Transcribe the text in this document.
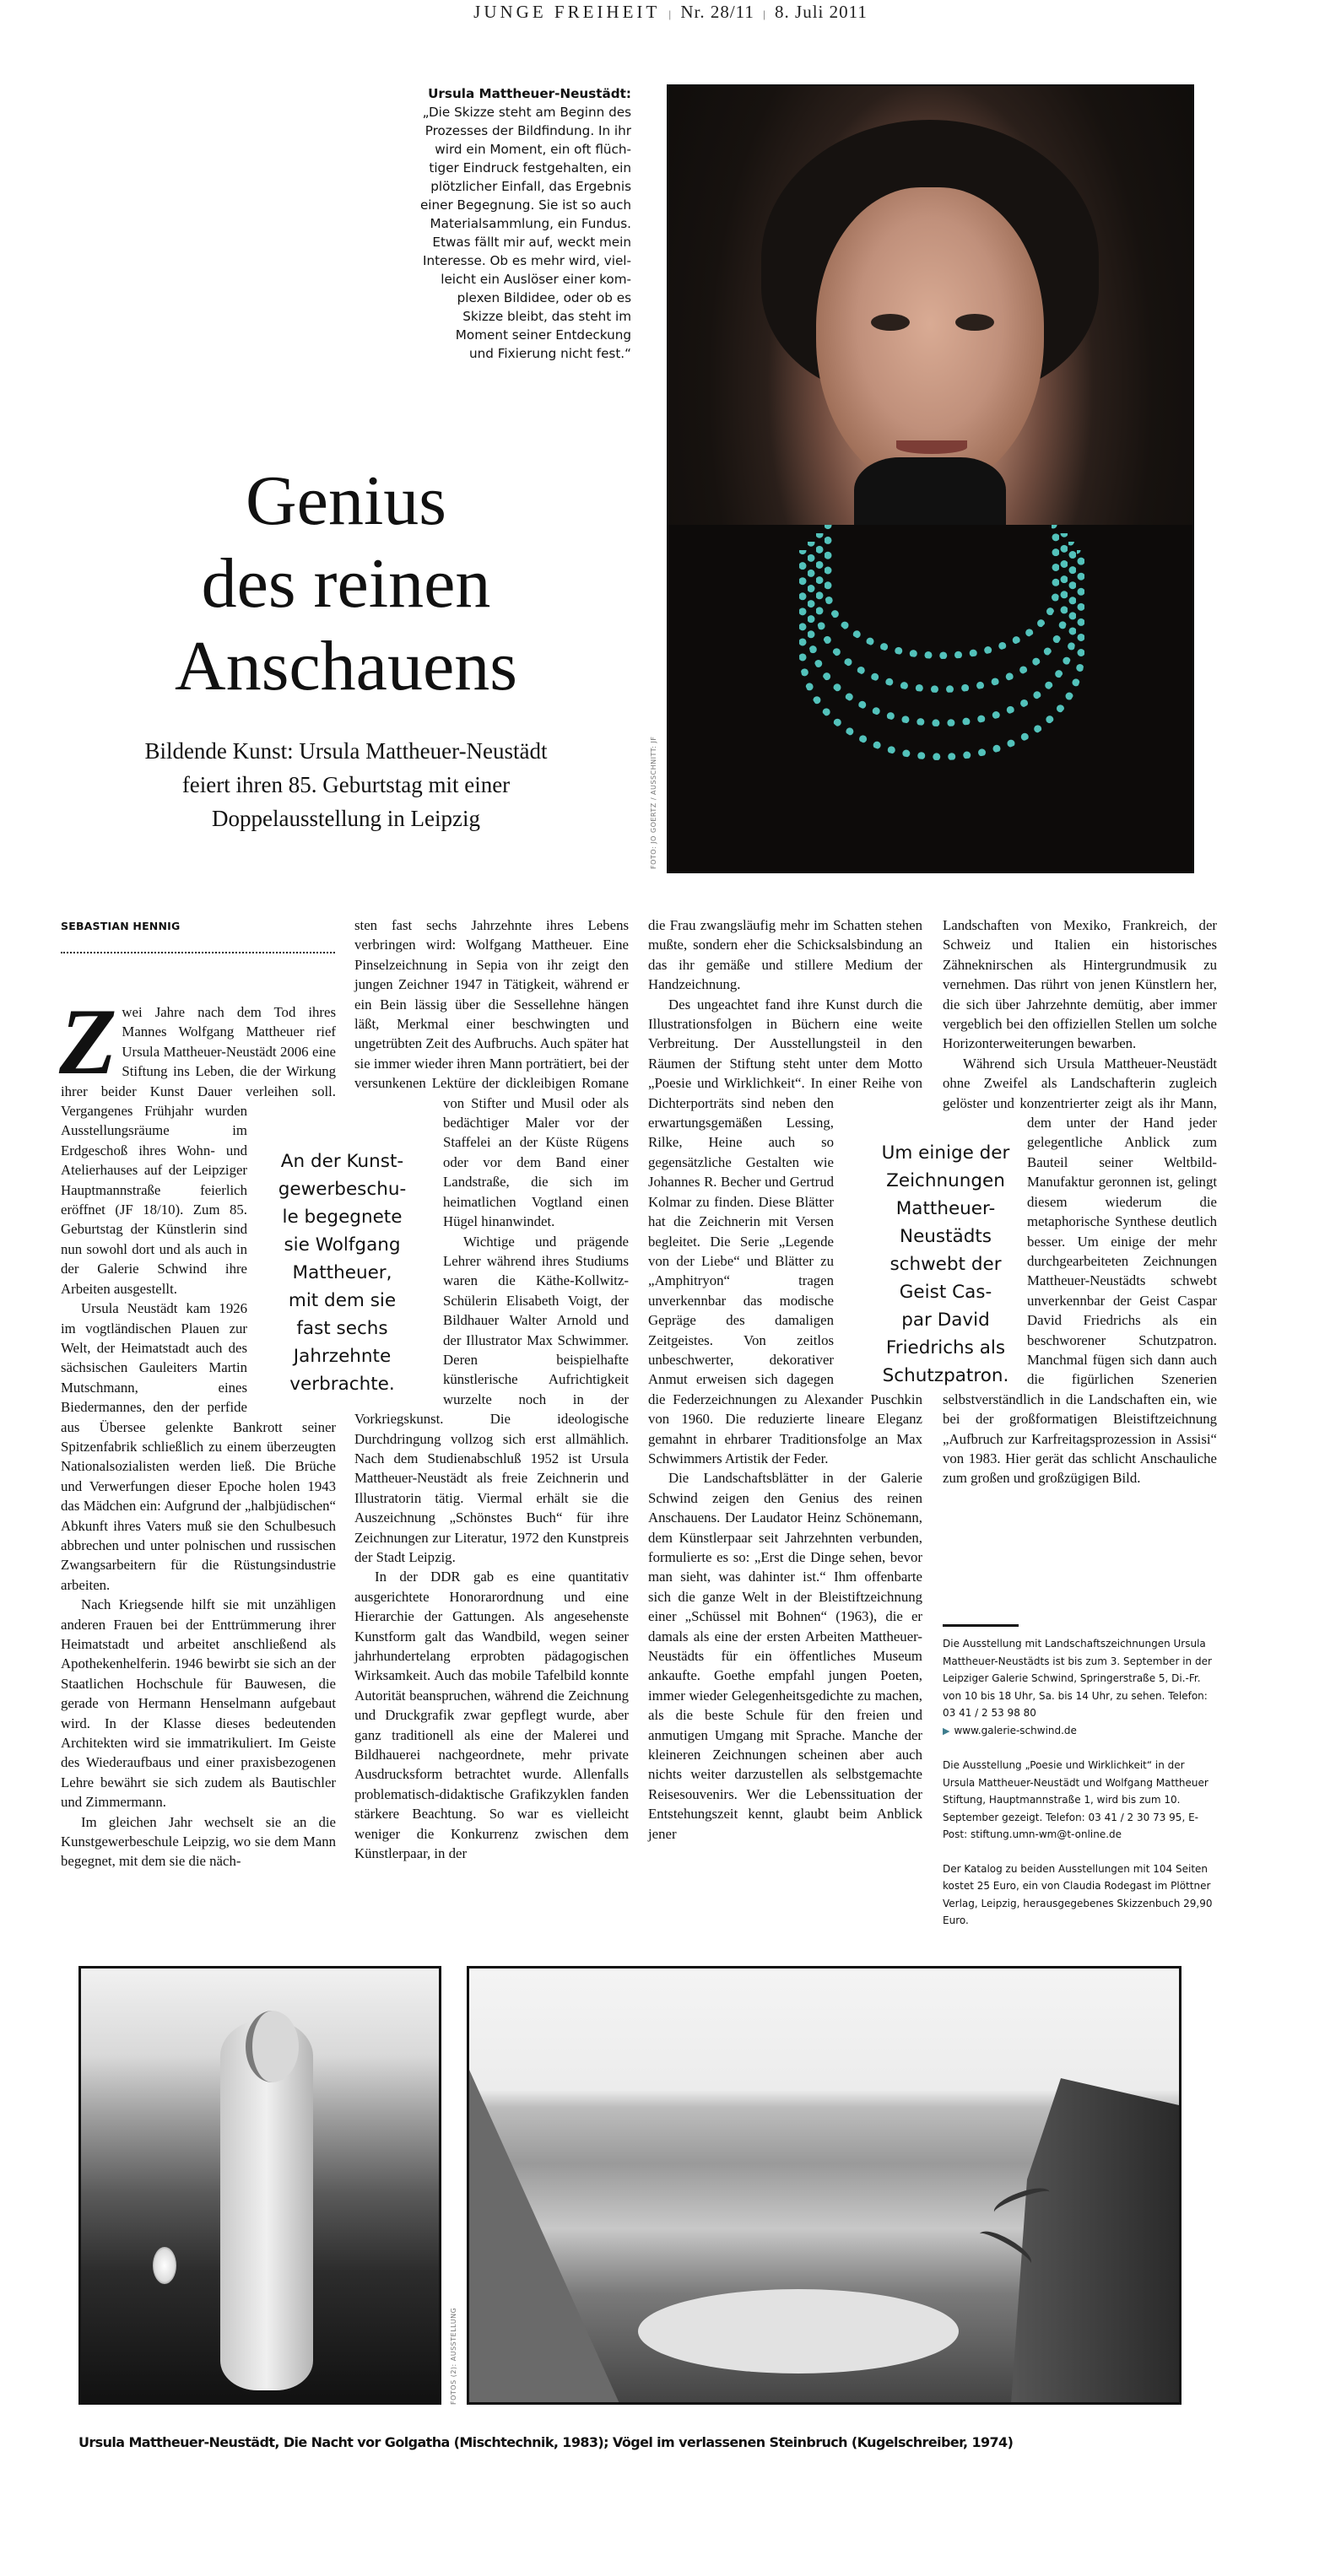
JUNGE FREIHEIT | Nr. 28/11 | 8. Juli 2011
Ursula Mattheuer-Neustädt:
„Die Skizze steht am Beginn des
Prozesses der Bildfindung. In ihr
wird ein Moment, ein oft flüch-
tiger Eindruck festgehalten, ein
plötzlicher Einfall, das Ergebnis
einer Begegnung. Sie ist so auch
Materialsammlung, ein Fundus.
Etwas fällt mir auf, weckt mein
Interesse. Ob es mehr wird, viel-
leicht ein Auslöser einer kom-
plexen Bildidee, oder ob es
Skizze bleibt, das steht im
Moment seiner Entdeckung
und Fixierung nicht fest.“
FOTO: JO GOERTZ / AUSSCHNITT: JF
Genius
des reinen
Anschauens
Bildende Kunst: Ursula Mattheuer-Neustädt
feiert ihren 85. Geburtstag mit einer
Doppelausstellung in Leipzig
SEBASTIAN HENNIG
Z wei Jahre nach dem Tod ihres Mannes Wolfgang Mattheuer rief Ursula Mattheuer-Neustädt 2006 eine Stiftung ins Leben, die der Wirkung ihrer beider Kunst Dauer verleihen soll. Vergangenes Frühjahr wurden Ausstellungsräume im Erdgeschoß ihres Wohn- und Atelierhauses auf der Leipziger Hauptmannstraße feierlich eröffnet (JF 18/10). Zum 85. Geburtstag der Künstlerin sind nun sowohl dort und als auch in der Galerie Schwind ihre Arbeiten ausgestellt.

Ursula Neustädt kam 1926 im vogtländischen Plauen zur Welt, der Heimatstadt auch des sächsischen Gauleiters Martin Mutschmann, eines Biedermannes, den der perfide aus Übersee gelenkte Bankrott seiner Spitzenfabrik schließlich zu einem überzeugten Nationalsozialisten werden ließ. Die Brüche und Verwerfungen dieser Epoche holen 1943 das Mädchen ein: Aufgrund der „halbjüdischen“ Abkunft ihres Vaters muß sie den Schulbesuch abbrechen und unter polnischen und russischen Zwangsarbeitern für die Rüstungsindustrie arbeiten.

Nach Kriegsende hilft sie mit unzähligen anderen Frauen bei der Enttrümmerung ihrer Heimatstadt und arbeitet anschließend als Apothekenhelferin. 1946 bewirbt sie sich an der Staatlichen Hochschule für Bauwesen, die gerade von Hermann Henselmann aufgebaut wird. In der Klasse dieses bedeutenden Architekten wird sie immatrikuliert. Im Geiste des Wiederaufbaus und einer praxisbezogenen Lehre bewährt sie sich zudem als Bautischler und Zimmermann.

Im gleichen Jahr wechselt sie an die Kunstgewerbeschule Leipzig, wo sie dem Mann begegnet, mit dem sie die näch-

sten fast sechs Jahrzehnte ihres Lebens verbringen wird: Wolfgang Mattheuer. Eine Pinselzeichnung in Sepia von ihr zeigt den jungen Zeichner 1947 in Tätigkeit, während er ein Bein lässig über die Sessellehne hängen läßt, Merkmal einer beschwingten und ungetrübten Zeit des Aufbruchs. Auch später hat sie immer wieder ihren Mann porträtiert, bei der versunkenen Lektüre der dickleibigen Romane von Stifter und Musil oder als bedächtiger Maler vor der Staffelei an der Küste Rügens oder vor dem Band einer Landstraße, die sich im heimatlichen Vogtland einen Hügel hinanwindet.

Wichtige und prägende Lehrer während ihres Studiums waren die Käthe-Kollwitz-Schülerin Elisabeth Voigt, der Bildhauer Walter Arnold und der Illustrator Max Schwimmer. Deren beispielhafte künstlerische Aufrichtigkeit wurzelte noch in der Vorkriegskunst. Die ideologische Durchdringung vollzog sich erst allmählich. Nach dem Studienabschluß 1952 ist Ursula Mattheuer-Neustädt als freie Zeichnerin und Illustratorin tätig. Viermal erhält sie die Auszeichnung „Schönstes Buch“ für ihre Zeichnungen zur Literatur, 1972 den Kunstpreis der Stadt Leipzig.

In der DDR gab es eine quantitativ ausgerichtete Honorarordnung und eine Hierarchie der Gattungen. Als angesehenste Kunstform galt das Wandbild, wegen seiner jahrhundertelang erprobten pädagogischen Wirksamkeit. Auch das mobile Tafelbild konnte Autorität beanspruchen, während die Zeichnung und Druckgrafik zwar gepflegt wurde, aber ganz traditionell als eine der Malerei und Bildhauerei nachgeordnete, mehr private Ausdrucksform betrachtet wurde. Allenfalls problematisch-didaktische Grafikzyklen fanden stärkere Beachtung. So war es vielleicht weniger die Konkurrenz zwischen dem Künstlerpaar, in der

die Frau zwangsläufig mehr im Schatten stehen mußte, sondern eher die Schicksalsbindung an das ihr gemäße und stillere Medium der Handzeichnung.

Des ungeachtet fand ihre Kunst durch die Illustrationsfolgen in Büchern eine weite Verbreitung. Der Ausstellungsteil in den Räumen der Stiftung steht unter dem Motto „Poesie und Wirklichkeit“. In einer Reihe von Dichterporträts sind neben den erwartungsgemäßen Lessing, Rilke, Heine auch so gegensätzliche Gestalten wie Johannes R. Becher und Gertrud Kolmar zu finden. Diese Blätter hat die Zeichnerin mit Versen begleitet. Die Serie „Legende von der Liebe“ und Blätter zu „Amphitryon“ tragen unverkennbar das modische Gepräge des damaligen Zeitgeistes. Von zeitlos unbeschwerter, dekorativer Anmut erweisen sich dagegen die Federzeichnungen zu Alexander Puschkin von 1960. Die reduzierte lineare Eleganz gemahnt in ehrbarer Traditionsfolge an Max Schwimmers Artistik der Feder.

Die Landschaftsblätter in der Galerie Schwind zeigen den Genius des reinen Anschauens. Der Laudator Heinz Schönemann, dem Künstlerpaar seit Jahrzehnten verbunden, formulierte es so: „Erst die Dinge sehen, bevor man sieht, was dahinter ist.“ Ihm offenbarte sich die ganze Welt in der Bleistiftzeichnung einer „Schüssel mit Bohnen“ (1963), die er damals als eine der ersten Arbeiten Mattheuer-Neustädts für ein öffentliches Museum ankaufte. Goethe empfahl jungen Poeten, immer wieder Gelegenheitsgedichte zu machen, als die beste Schule für den freien und anmutigen Umgang mit Sprache. Manche der kleineren Zeichnungen scheinen aber auch nichts weiter darzustellen als selbstgemachte Reisesouvenirs. Wer die Lebenssituation der Entstehungszeit kennt, glaubt beim Anblick jener

Landschaften von Mexiko, Frankreich, der Schweiz und Italien ein historisches Zähneknirschen als Hintergrundmusik zu vernehmen. Das rührt von jenen Künstlern her, die sich über Jahrzehnte demütig, aber immer vergeblich bei den offiziellen Stellen um solche Horizonterweiterungen bewarben.

Während sich Ursula Mattheuer-Neustädt ohne Zweifel als Landschafterin zugleich gelöster und konzentrierter zeigt als ihr Mann, dem unter der Hand jeder gelegentliche Anblick zum Bauteil seiner Weltbild-Manufaktur geronnen ist, gelingt diesem wiederum die metaphorische Synthese deutlich besser. Um einige der mehr durchgearbeiteten Zeichnungen Mattheuer-Neustädts schwebt unverkennbar der Geist Caspar David Friedrichs als ein beschworener Schutzpatron. Manchmal fügen sich dann auch die figürlichen Szenerien selbstverständlich in die Landschaften ein, wie bei der großformatigen Bleistiftzeichnung „Aufbruch zur Karfreitagsprozession in Assisi“ von 1983. Hier gerät das schlicht Anschauliche zum großen und großzügigen Bild.

An der Kunst-
gewerbeschu-
le begegnete
sie Wolfgang
Mattheuer,
mit dem sie
fast sechs
Jahrzehnte
verbrachte.
Um einige der
Zeichnungen
Mattheuer-
Neustädts
schwebt der
Geist Cas-
par David
Friedrichs als
Schutzpatron.

Die Ausstellung mit Landschaftszeichnungen Ursula Mattheuer-Neustädts ist bis zum 3. September in der Leipziger Galerie Schwind, Springerstraße 5, Di.-Fr. von 10 bis 18 Uhr, Sa. bis 14 Uhr, zu sehen. Telefon: 03 41 / 2 53 98 80
▶ www.galerie-schwind.de

Die Ausstellung „Poesie und Wirklichkeit“ in der Ursula Mattheuer-Neustädt und Wolfgang Mattheuer Stiftung, Hauptmannstraße 1, wird bis zum 10. September gezeigt. Telefon: 03 41 / 2 30 73 95, E-Post: stiftung.umn-wm@t-online.de

Der Katalog zu beiden Ausstellungen mit 104 Seiten kostet 25 Euro, ein von Claudia Rodegast im Plöttner Verlag, Leipzig, herausgegebenes Skizzenbuch 29,90 Euro.

FOTOS (2): AUSSTELLUNG
Ursula Mattheuer-Neustädt, Die Nacht vor Golgatha (Mischtechnik, 1983); Vögel im verlassenen Steinbruch (Kugelschreiber, 1974)
